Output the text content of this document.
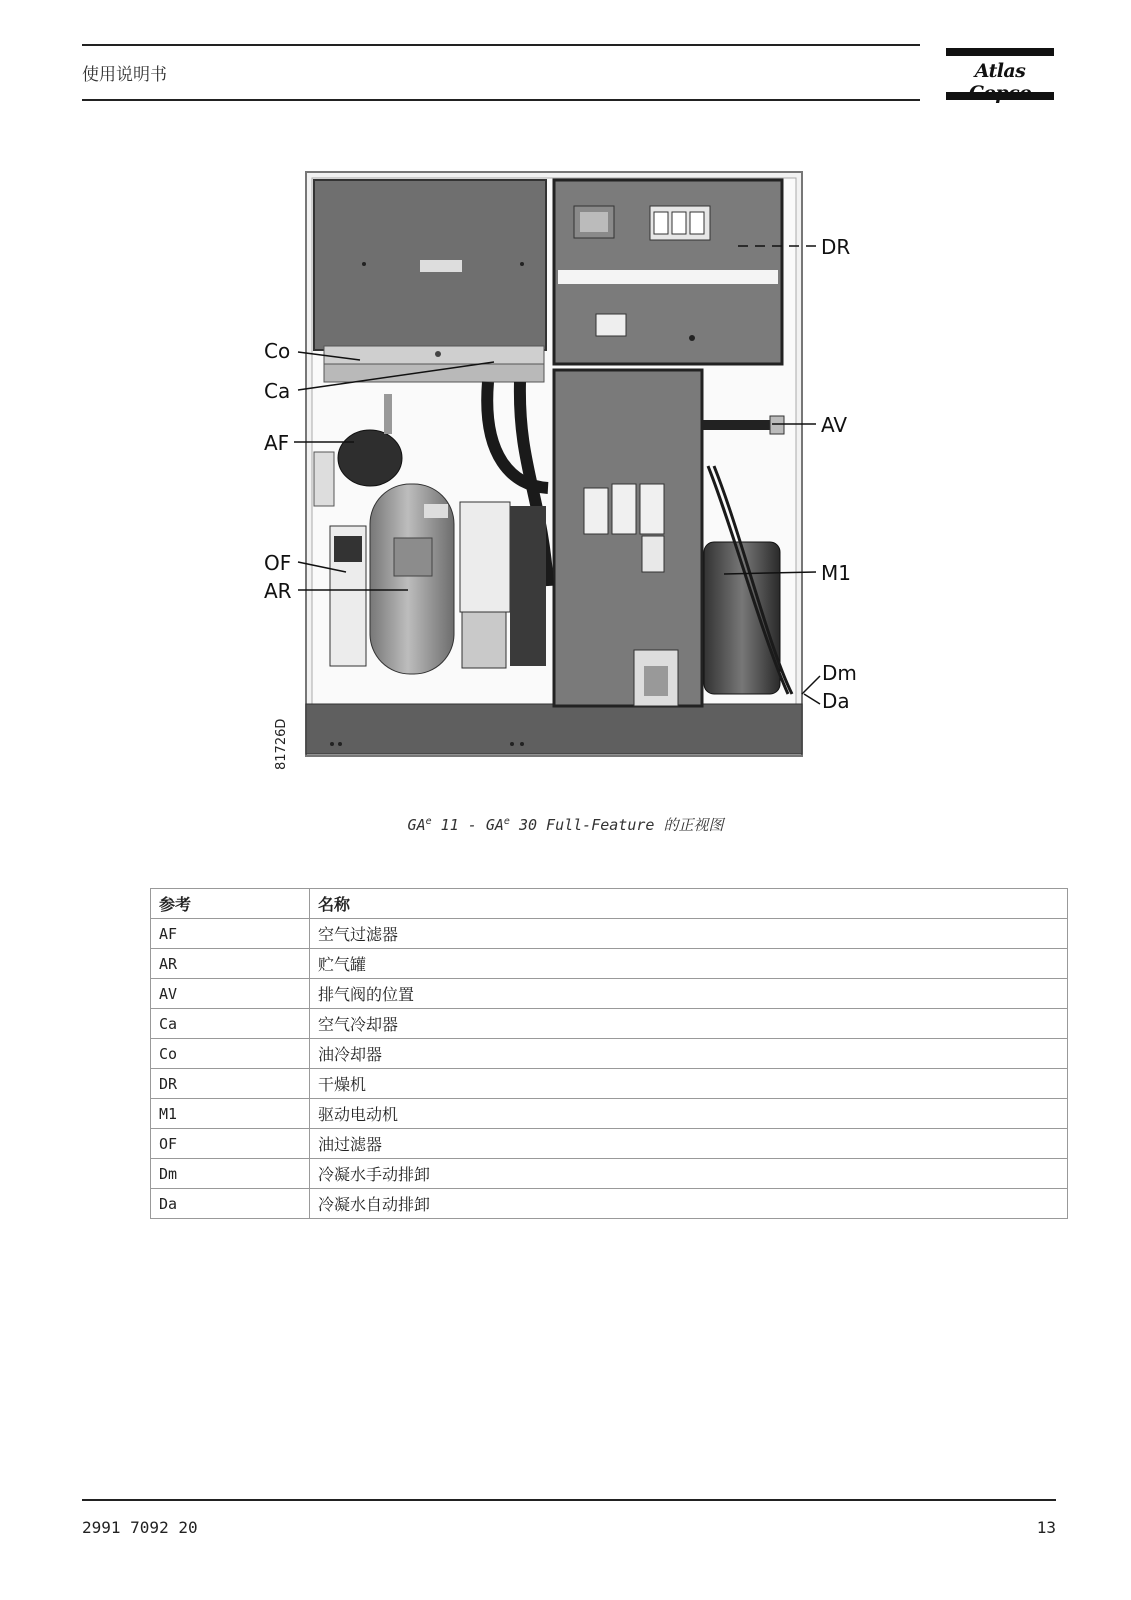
使用说明书	Atlas
Co
Ca
AF
OF
AR
DR
AV
M1
Dm
Da
81726D
$GA^e$ $11 - GA^e$ 30 Full-Feature 的正视图
参考	名称
AF	空气过滤器
AR	贮气罐
AV	排气阀的位置
Ca	空气冷却器
Co	油冷却器
DR	干燥机
M1	驱动电动机
OF	油过滤器
Dm	冷凝水手动排卸
Da	冷凝水自动排卸
2991 7092 20	13
